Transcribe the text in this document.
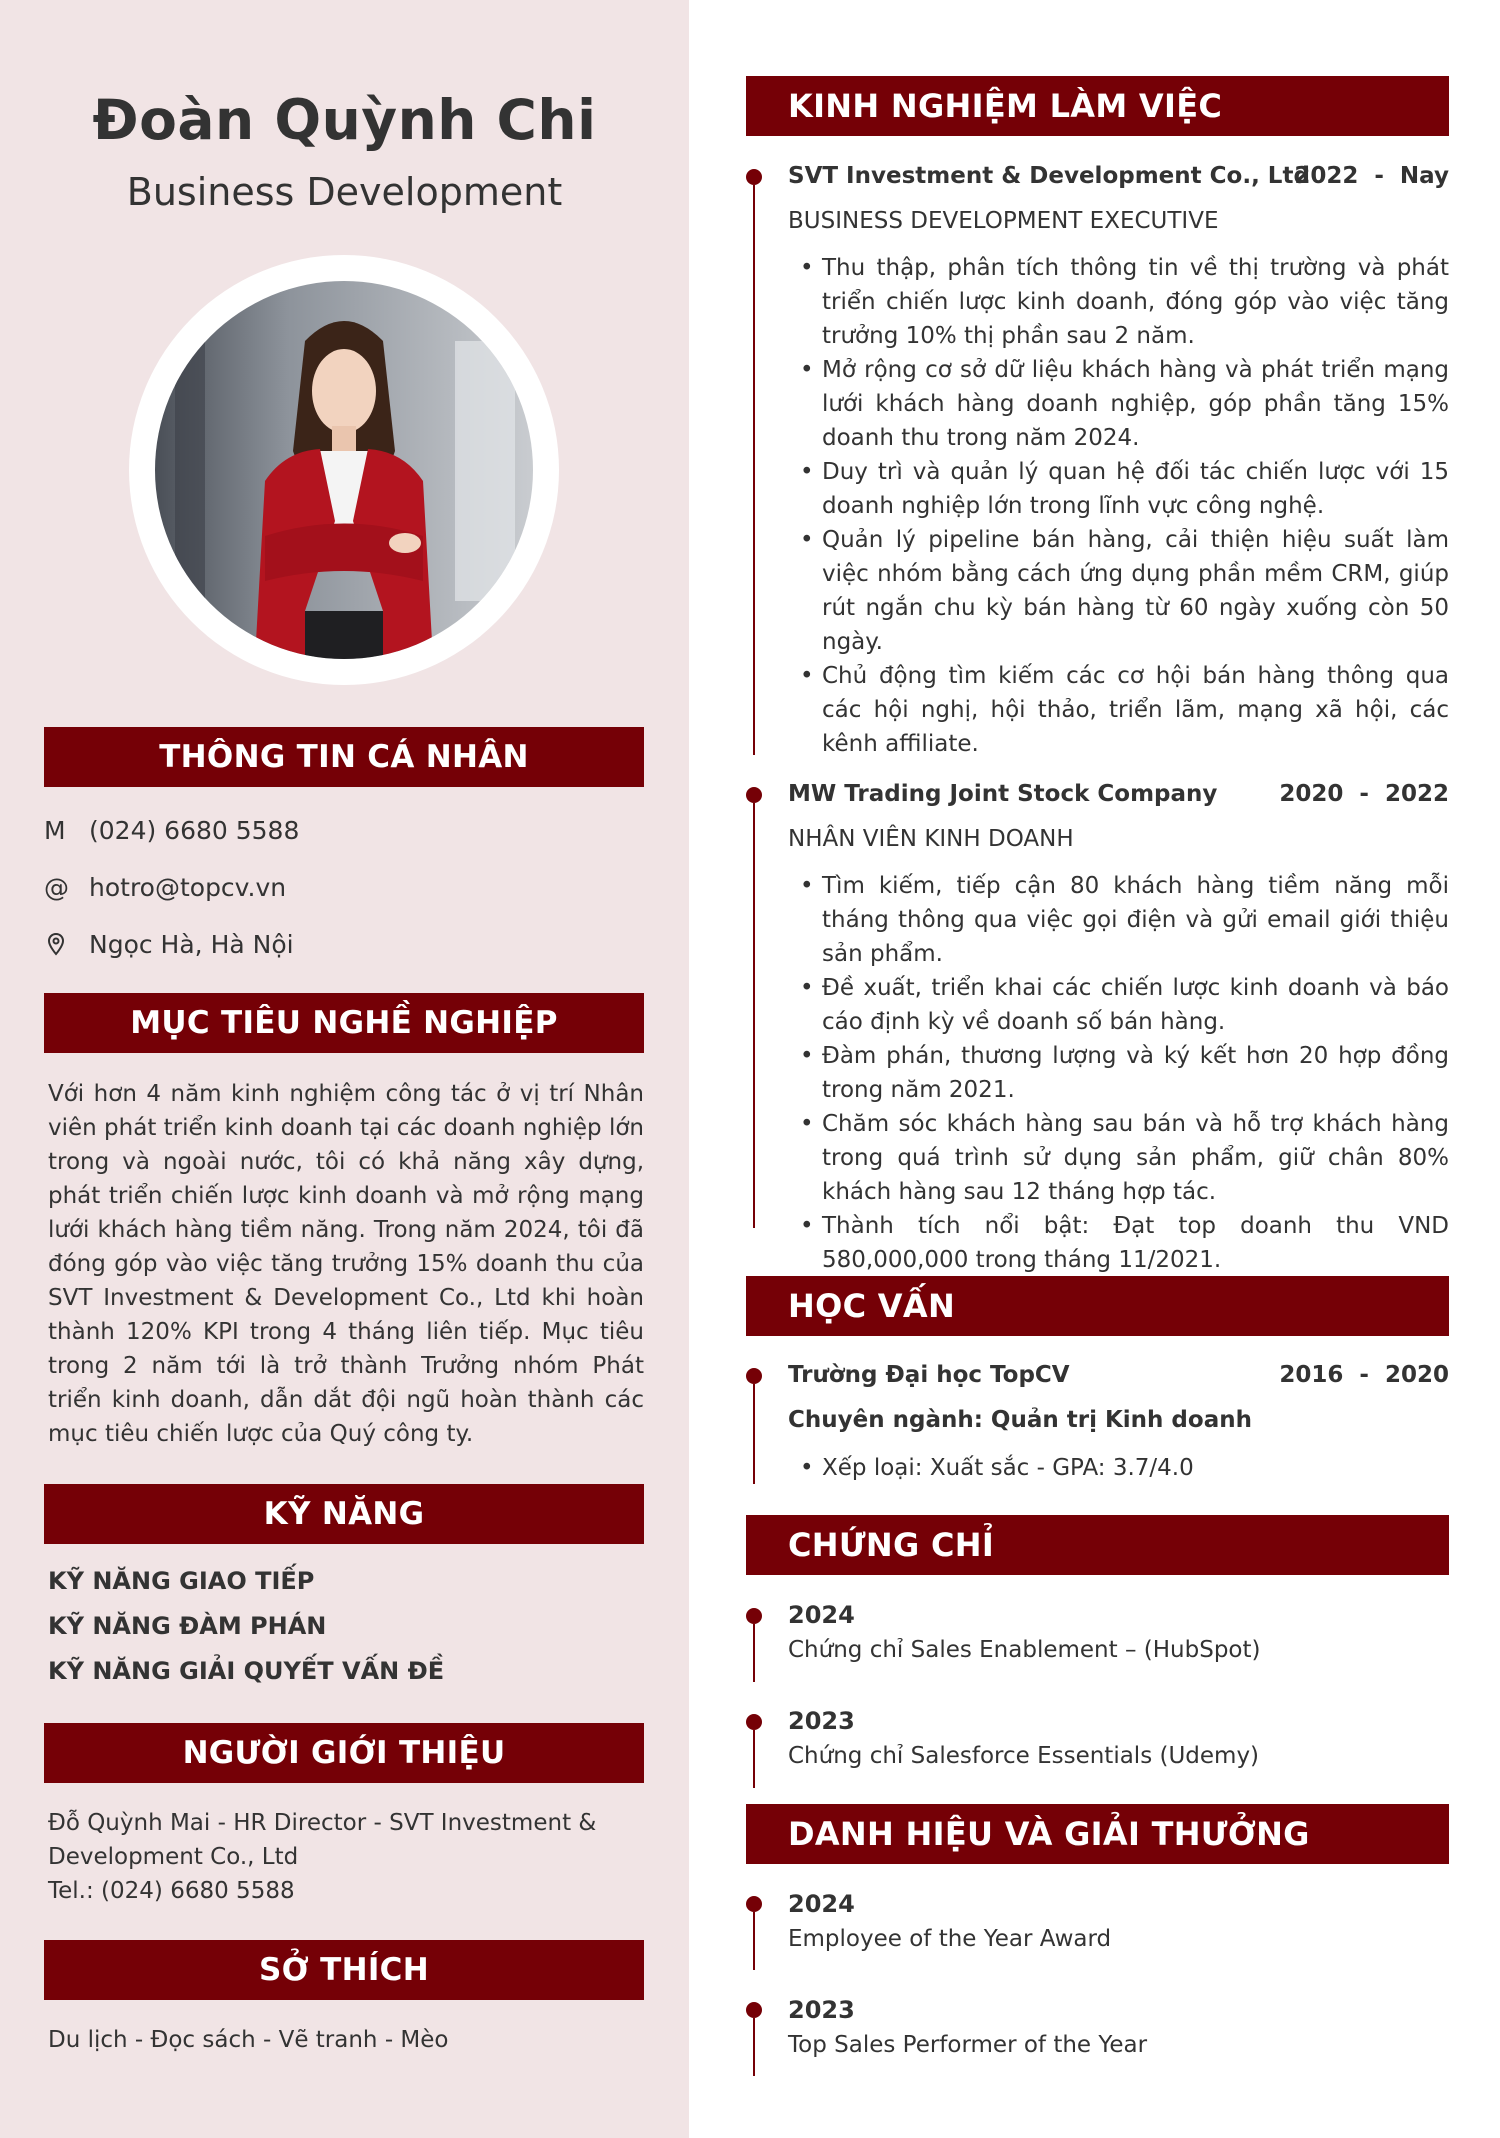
Đoàn Quỳnh Chi
Business Development
THÔNG TIN CÁ NHÂN
M (024) 6680 5588
@ hotro@topcv.vn
Ngọc Hà, Hà Nội
MỤC TIÊU NGHỀ NGHIỆP
Với hơn 4 năm kinh nghiệm công tác ở vị trí Nhân viên phát triển kinh doanh tại các doanh nghiệp lớn trong và ngoài nước, tôi có khả năng xây dựng, phát triển chiến lược kinh doanh và mở rộng mạng lưới khách hàng tiềm năng. Trong năm 2024, tôi đã đóng góp vào việc tăng trưởng 15% doanh thu của SVT Investment & Development Co., Ltd khi hoàn thành 120% KPI trong 4 tháng liên tiếp. Mục tiêu trong 2 năm tới là trở thành Trưởng nhóm Phát triển kinh doanh, dẫn dắt đội ngũ hoàn thành các mục tiêu chiến lược của Quý công ty.
KỸ NĂNG
KỸ NĂNG GIAO TIẾP
KỸ NĂNG ĐÀM PHÁN
KỸ NĂNG GIẢI QUYẾT VẤN ĐỀ
NGƯỜI GIỚI THIỆU
Đỗ Quỳnh Mai - HR Director - SVT Investment & Development Co., Ltd
Tel.: (024) 6680 5588
SỞ THÍCH
Du lịch - Đọc sách - Vẽ tranh - Mèo
KINH NGHIỆM LÀM VIỆC
SVT Investment & Development Co., Ltd
2022  -  Nay
BUSINESS DEVELOPMENT EXECUTIVE
• Thu thập, phân tích thông tin về thị trường và phát triển chiến lược kinh doanh, đóng góp vào việc tăng trưởng 10% thị phần sau 2 năm.
• Mở rộng cơ sở dữ liệu khách hàng và phát triển mạng lưới khách hàng doanh nghiệp, góp phần tăng 15% doanh thu trong năm 2024.
• Duy trì và quản lý quan hệ đối tác chiến lược với 15 doanh nghiệp lớn trong lĩnh vực công nghệ.
• Quản lý pipeline bán hàng, cải thiện hiệu suất làm việc nhóm bằng cách ứng dụng phần mềm CRM, giúp rút ngắn chu kỳ bán hàng từ 60 ngày xuống còn 50 ngày.
• Chủ động tìm kiếm các cơ hội bán hàng thông qua các hội nghị, hội thảo, triển lãm, mạng xã hội, các kênh affiliate.
MW Trading Joint Stock Company	2020  -  2022
NHÂN VIÊN KINH DOANH
• Tìm kiếm, tiếp cận 80 khách hàng tiềm năng mỗi tháng thông qua việc gọi điện và gửi email giới thiệu sản phẩm.
• Đề xuất, triển khai các chiến lược kinh doanh và báo cáo định kỳ về doanh số bán hàng.
• Đàm phán, thương lượng và ký kết hơn 20 hợp đồng trong năm 2021.
• Chăm sóc khách hàng sau bán và hỗ trợ khách hàng trong quá trình sử dụng sản phẩm, giữ chân 80% khách hàng sau 12 tháng hợp tác.
• Thành tích nổi bật: Đạt top doanh thu VND 580,000,000 trong tháng 11/2021.
HỌC VẤN
Trường Đại học TopCV	2016  -  2020
Chuyên ngành: Quản trị Kinh doanh
• Xếp loại: Xuất sắc - GPA: 3.7/4.0
CHỨNG CHỈ
2024
Chứng chỉ Sales Enablement – (HubSpot)
2023
Chứng chỉ Salesforce Essentials (Udemy)
DANH HIỆU VÀ GIẢI THƯỞNG
2024
Employee of the Year Award
2023
Top Sales Performer of the Year
